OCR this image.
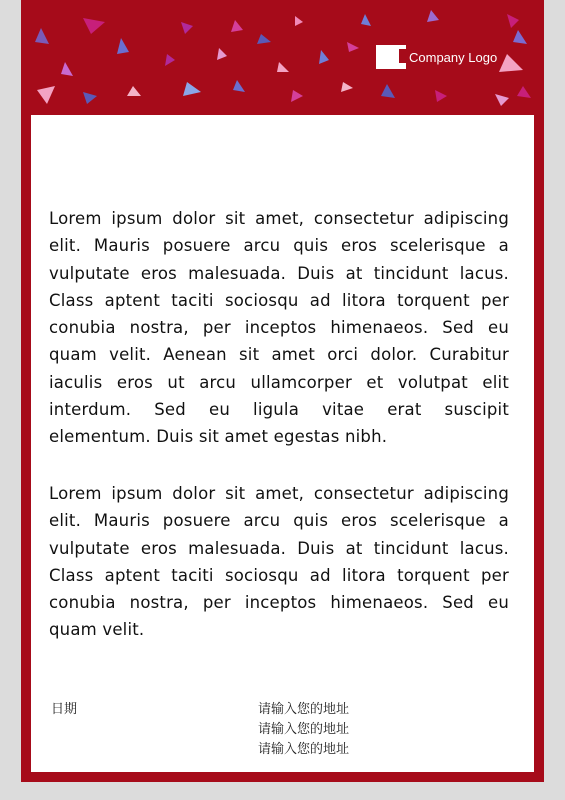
Company Logo
Lorem ipsum dolor sit amet, consectetur adipiscing elit. Mauris posuere arcu quis eros scelerisque a vulputate eros malesuada. Duis at tincidunt lacus. Class aptent taciti sociosqu ad litora torquent per conubia nostra, per inceptos himenaeos. Sed eu quam velit. Aenean sit amet orci dolor. Curabitur iaculis eros ut arcu ullamcorper et volutpat elit interdum. Sed eu ligula vitae erat suscipit elementum. Duis sit amet egestas nibh.
Lorem ipsum dolor sit amet, consectetur adipiscing elit. Mauris posuere arcu quis eros scelerisque a vulputate eros malesuada. Duis at tincidunt lacus. Class aptent taciti sociosqu ad litora torquent per conubia nostra, per inceptos himenaeos. Sed eu quam velit.
日期	请输入您的地址
请输入您的地址
请输入您的地址
